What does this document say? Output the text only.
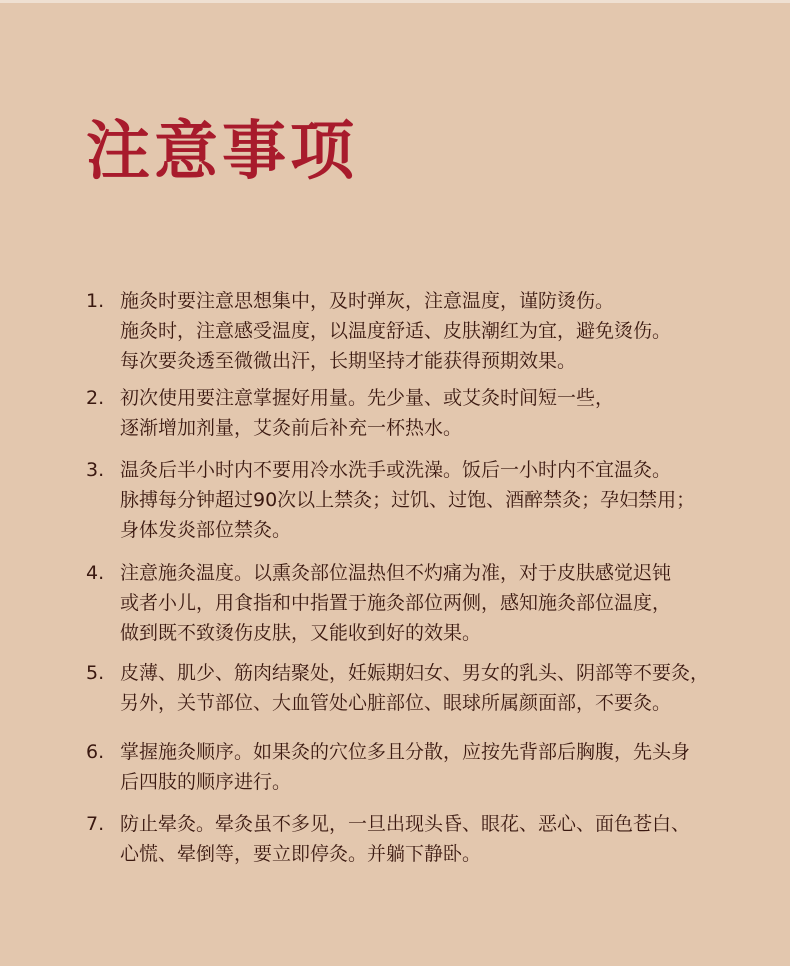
注意事项
1. 施灸时要注意思想集中，及时弹灰，注意温度，谨防烫伤。
施灸时，注意感受温度，以温度舒适、皮肤潮红为宜，避免烫伤。
每次要灸透至微微出汗，长期坚持才能获得预期效果。
2. 初次使用要注意掌握好用量。先少量、或艾灸时间短一些，
逐渐增加剂量，艾灸前后补充一杯热水。
3. 温灸后半小时内不要用冷水洗手或洗澡。饭后一小时内不宜温灸。
脉搏每分钟超过90次以上禁灸；过饥、过饱、酒醉禁灸；孕妇禁用；
身体发炎部位禁灸。
4. 注意施灸温度。以熏灸部位温热但不灼痛为准，对于皮肤感觉迟钝
或者小儿，用食指和中指置于施灸部位两侧，感知施灸部位温度，
做到既不致烫伤皮肤，又能收到好的效果。
5. 皮薄、肌少、筋肉结聚处，妊娠期妇女、男女的乳头、阴部等不要灸，
另外，关节部位、大血管处心脏部位、眼球所属颜面部，不要灸。
6. 掌握施灸顺序。如果灸的穴位多且分散，应按先背部后胸腹，先头身
后四肢的顺序进行。
7. 防止晕灸。晕灸虽不多见，一旦出现头昏、眼花、恶心、面色苍白、
心慌、晕倒等，要立即停灸。并躺下静卧。
